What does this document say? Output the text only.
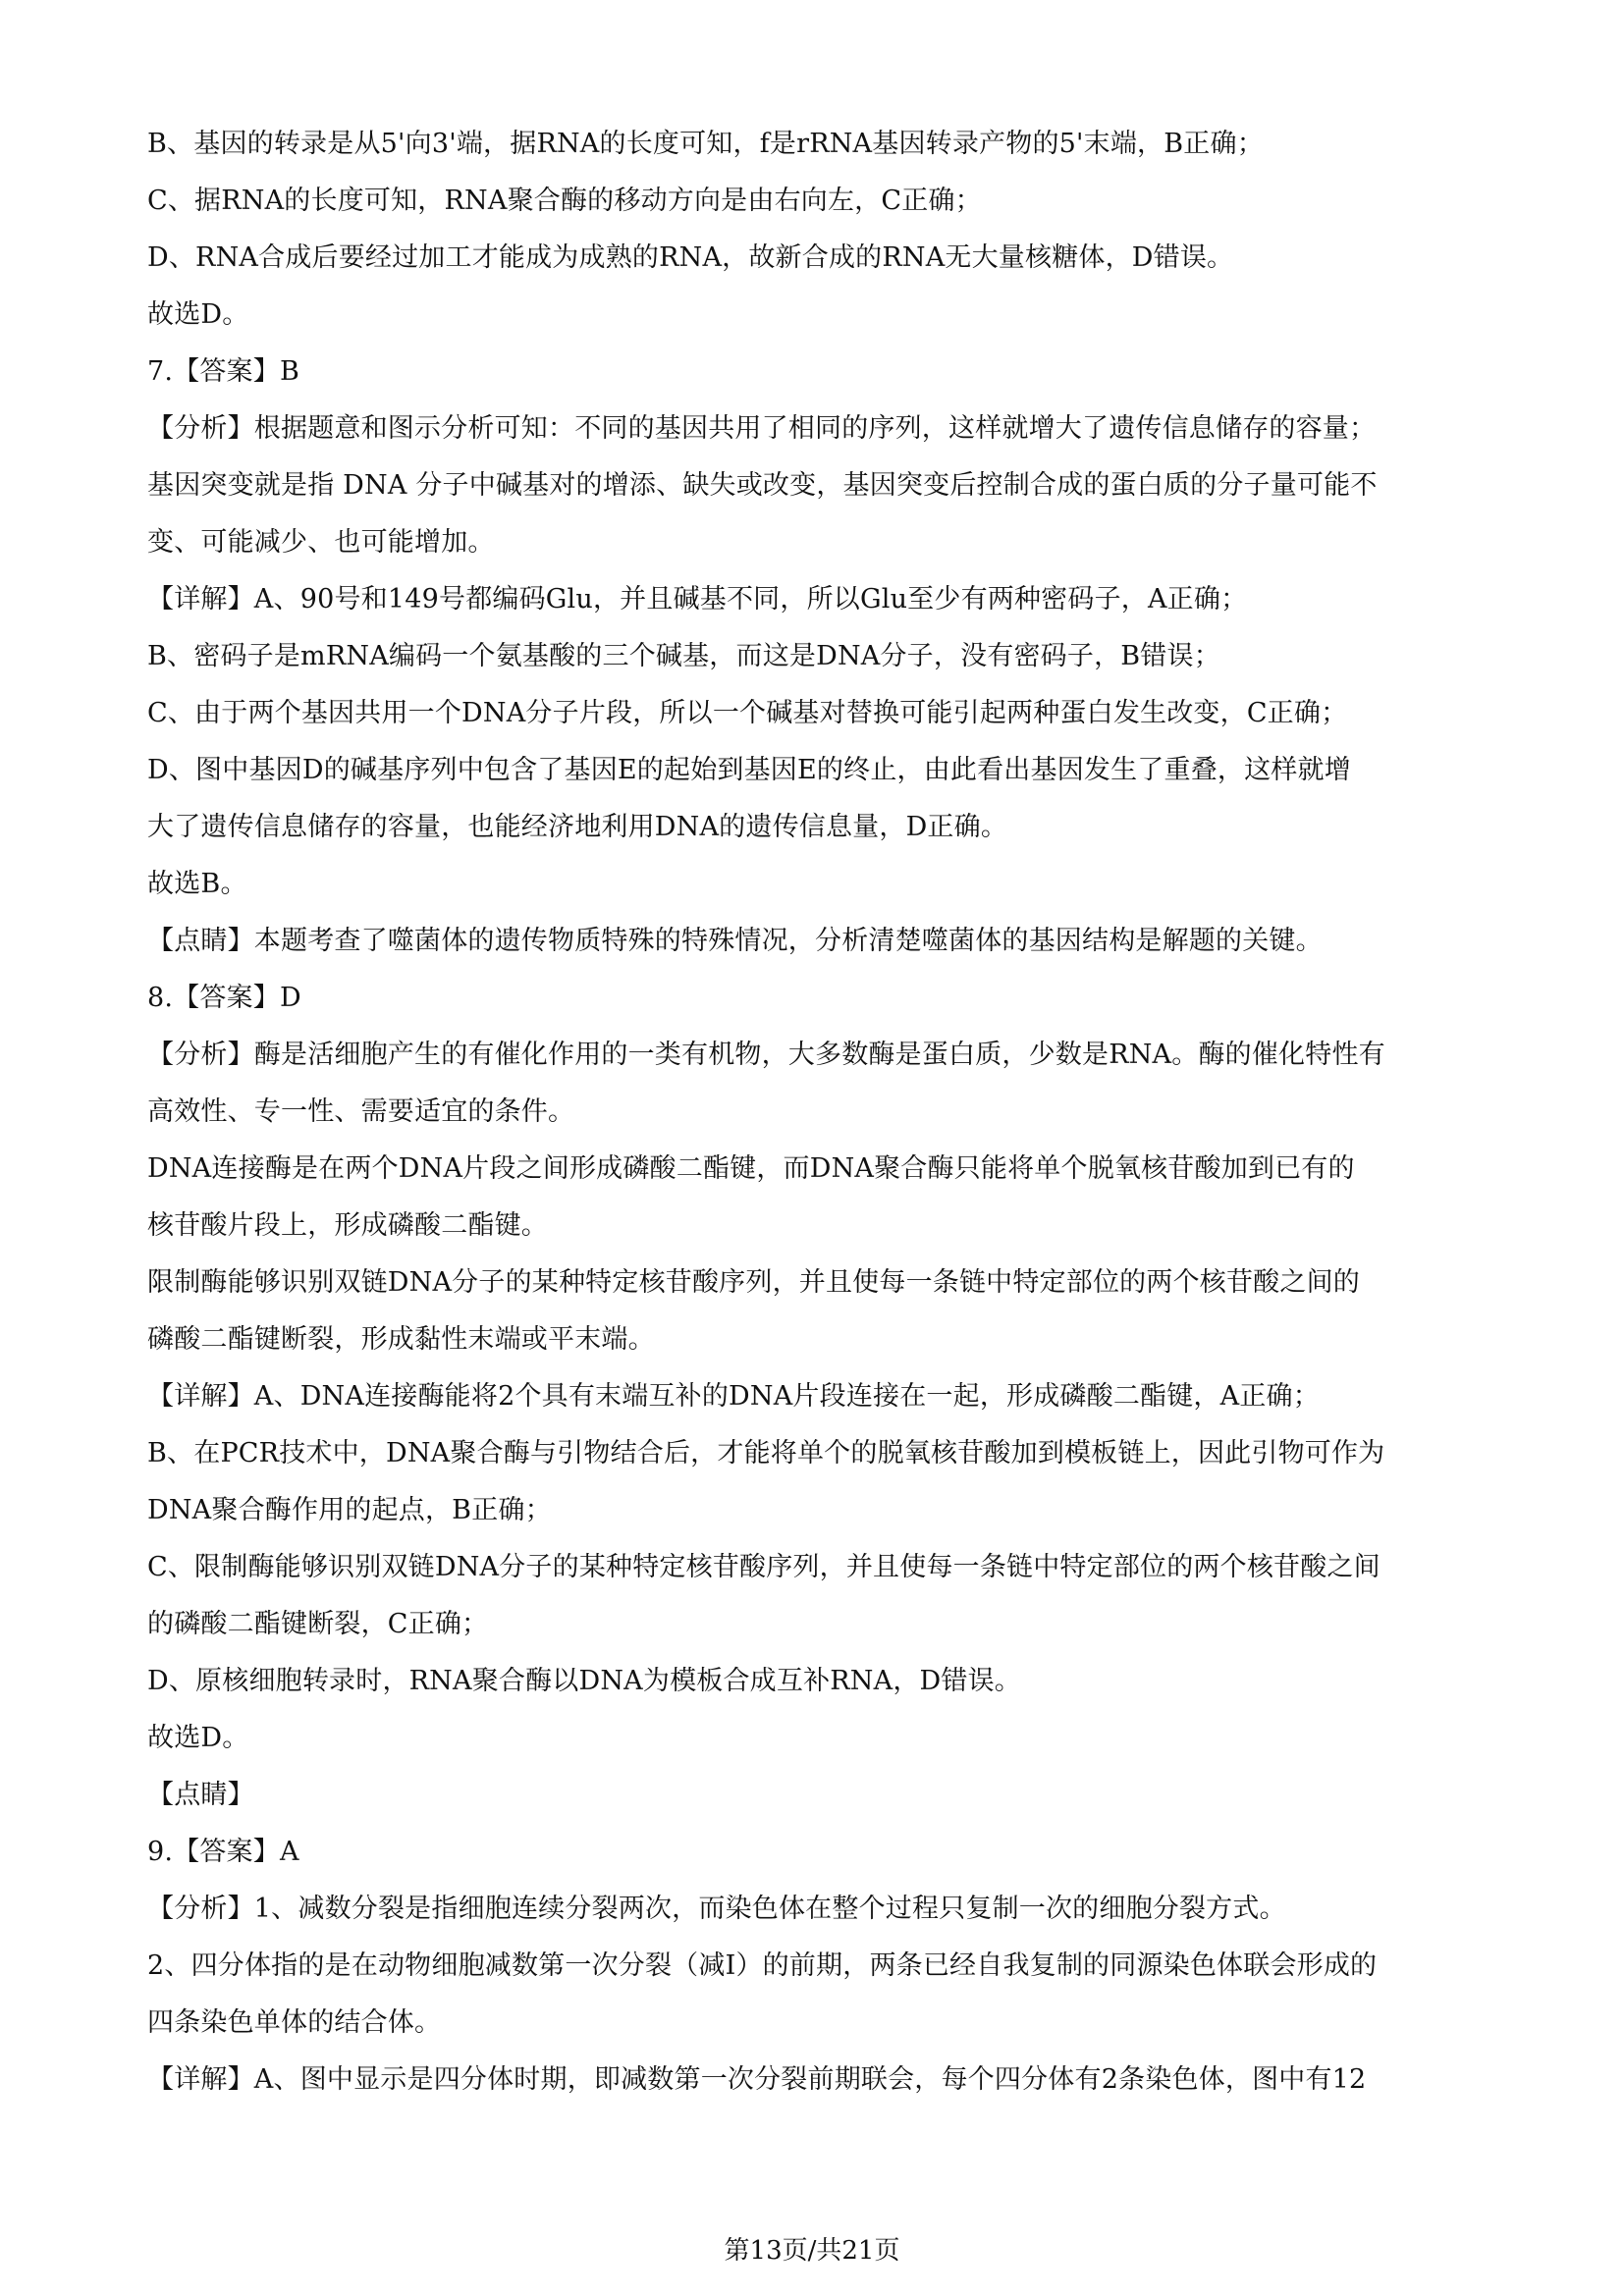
B、基因的转录是从5'向3'端，据RNA的长度可知，f是rRNA基因转录产物的5'末端，B正确；
C、据RNA的长度可知，RNA聚合酶的移动方向是由右向左，C正确；
D、RNA合成后要经过加工才能成为成熟的RNA，故新合成的RNA无大量核糖体，D错误。
故选D。
7.【答案】B
【分析】根据题意和图示分析可知：不同的基因共用了相同的序列，这样就增大了遗传信息储存的容量；
基因突变就是指 DNA 分子中碱基对的增添、缺失或改变，基因突变后控制合成的蛋白质的分子量可能不
变、可能减少、也可能增加。
【详解】A、90号和149号都编码Glu，并且碱基不同，所以Glu至少有两种密码子，A正确；
B、密码子是mRNA编码一个氨基酸的三个碱基，而这是DNA分子，没有密码子，B错误；
C、由于两个基因共用一个DNA分子片段，所以一个碱基对替换可能引起两种蛋白发生改变，C正确；
D、图中基因D的碱基序列中包含了基因E的起始到基因E的终止，由此看出基因发生了重叠，这样就增
大了遗传信息储存的容量，也能经济地利用DNA的遗传信息量，D正确。
故选B。
【点睛】本题考查了噬菌体的遗传物质特殊的特殊情况，分析清楚噬菌体的基因结构是解题的关键。
8.【答案】D
【分析】酶是活细胞产生的有催化作用的一类有机物，大多数酶是蛋白质，少数是RNA。酶的催化特性有
高效性、专一性、需要适宜的条件。
DNA连接酶是在两个DNA片段之间形成磷酸二酯键，而DNA聚合酶只能将单个脱氧核苷酸加到已有的
核苷酸片段上，形成磷酸二酯键。
限制酶能够识别双链DNA分子的某种特定核苷酸序列，并且使每一条链中特定部位的两个核苷酸之间的
磷酸二酯键断裂，形成黏性末端或平末端。
【详解】A、DNA连接酶能将2个具有末端互补的DNA片段连接在一起，形成磷酸二酯键，A正确；
B、在PCR技术中，DNA聚合酶与引物结合后，才能将单个的脱氧核苷酸加到模板链上，因此引物可作为
DNA聚合酶作用的起点，B正确；
C、限制酶能够识别双链DNA分子的某种特定核苷酸序列，并且使每一条链中特定部位的两个核苷酸之间
的磷酸二酯键断裂，C正确；
D、原核细胞转录时，RNA聚合酶以DNA为模板合成互补RNA，D错误。
故选D。
【点睛】
9.【答案】A
【分析】1、减数分裂是指细胞连续分裂两次，而染色体在整个过程只复制一次的细胞分裂方式。
2、四分体指的是在动物细胞减数第一次分裂（减Ⅰ）的前期，两条已经自我复制的同源染色体联会形成的
四条染色单体的结合体。
【详解】A、图中显示是四分体时期，即减数第一次分裂前期联会，每个四分体有2条染色体，图中有12
第13页/共21页
